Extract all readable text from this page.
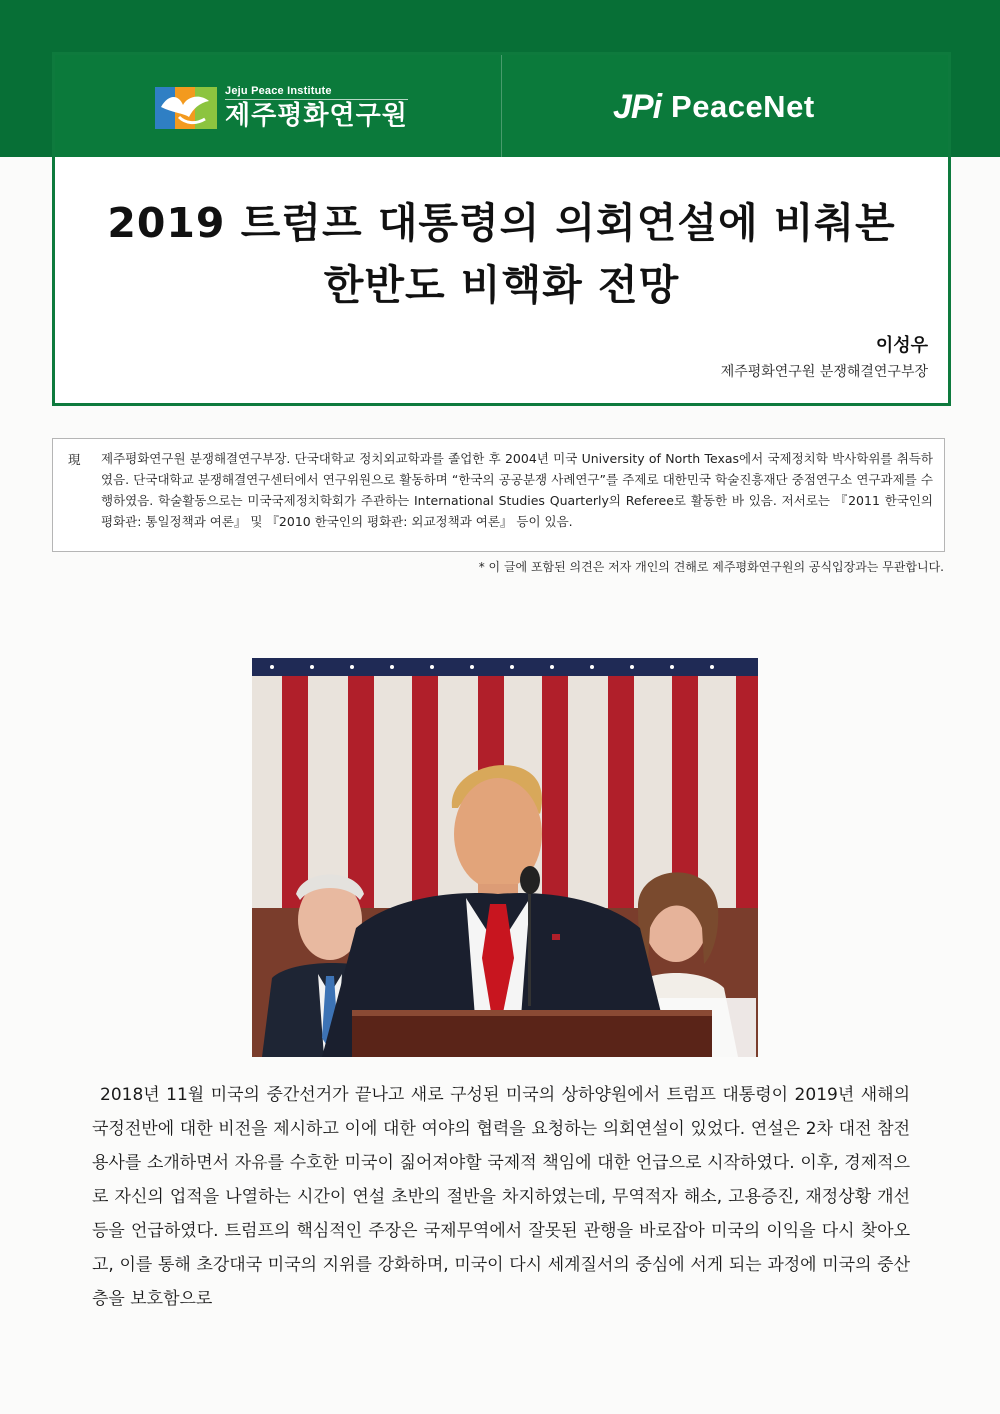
Jeju Peace Institute
제주평화연구원	JPi PeaceNet
2019 트럼프 대통령의 의회연설에 비춰본
한반도 비핵화 전망
이성우
제주평화연구원 분쟁해결연구부장
現 제주평화연구원 분쟁해결연구부장. 단국대학교 정치외교학과를 졸업한 후 2004년 미국 University of North Texas에서 국제정치학 박사학위를 취득하였음. 단국대학교 분쟁해결연구센터에서 연구위원으로 활동하며 “한국의 공공분쟁 사례연구”를 주제로 대한민국 학술진흥재단 중점연구소 연구과제를 수행하였음. 학술활동으로는 미국국제정치학회가 주관하는 International Studies Quarterly의 Referee로 활동한 바 있음. 저서로는 『2011 한국인의 평화관: 통일정책과 여론』 및 『2010 한국인의 평화관: 외교정책과 여론』 등이 있음.

* 이 글에 포함된 의견은 저자 개인의 견해로 제주평화연구원의 공식입장과는 무관합니다.

2018년 11월 미국의 중간선거가 끝나고 새로 구성된 미국의 상하양원에서 트럼프 대통령이 2019년 새해의 국정전반에 대한 비전을 제시하고 이에 대한 여야의 협력을 요청하는 의회연설이 있었다. 연설은 2차 대전 참전용사를 소개하면서 자유를 수호한 미국이 짊어져야할 국제적 책임에 대한 언급으로 시작하였다. 이후, 경제적으로 자신의 업적을 나열하는 시간이 연설 초반의 절반을 차지하였는데, 무역적자 해소, 고용증진, 재정상황 개선 등을 언급하였다. 트럼프의 핵심적인 주장은 국제무역에서 잘못된 관행을 바로잡아 미국의 이익을 다시 찾아오고, 이를 통해 초강대국 미국의 지위를 강화하며, 미국이 다시 세계질서의 중심에 서게 되는 과정에 미국의 중산층을 보호함으로
